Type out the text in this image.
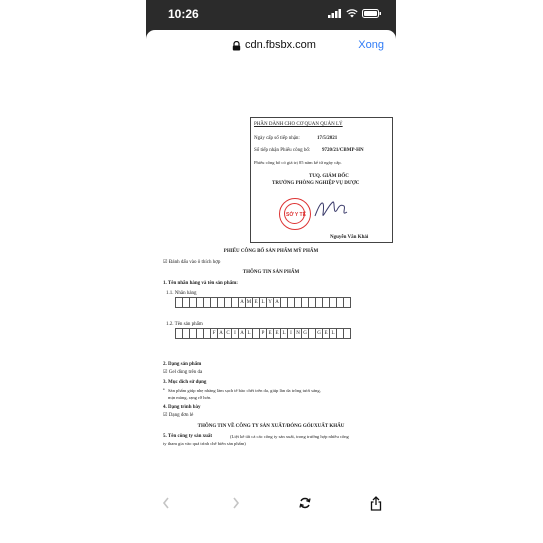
10:26
cdn.fbsbx.com	Xong
PHẦN DÀNH CHO CƠ QUAN QUẢN LÝ
Ngày cấp số tiếp nhận:	17/5/2021
Số tiếp nhận Phiếu công bố: 9720/21/CBMP-HN
Phiếu công bố có giá trị 05 năm kể từ ngày cấp.
TUQ. GIÁM ĐỐC
TRƯỞNG PHÒNG NGHIỆP VỤ DƯỢC
SỞ Y TẾ
Nguyễn Văn Khải
PHIẾU CÔNG BỐ SẢN PHẨM MỸ PHẨM
☑ Đánh dấu vào ô thích hợp
THÔNG TIN SẢN PHẨM
1. Tên nhãn hàng và tên sản phẩm:
1.1. Nhãn hàng
A M E L Y A
1.2. Tên sản phẩm
F A C I A L	P E E L I N G	G E L
2. Dạng sản phẩm
☑ Gel dùng trên da
3. Mục đích sử dụng
• Sản phẩm giúp nhẹ nhàng làm sạch tế bào chết trên da, giúp làn da trông tươi sáng,
mịn màng, rạng rỡ hơn.
4. Dạng trình bày
☑ Dạng đơn lẻ
THÔNG TIN VỀ CÔNG TY SẢN XUẤT/ĐÓNG GÓI/XUẤT KHẨU
5. Tên công ty sản xuất	(Liệt kê tất cả các công ty sản xuất, trong trường hợp nhiều công
ty tham gia vào quá trình chế biến sản phẩm)
